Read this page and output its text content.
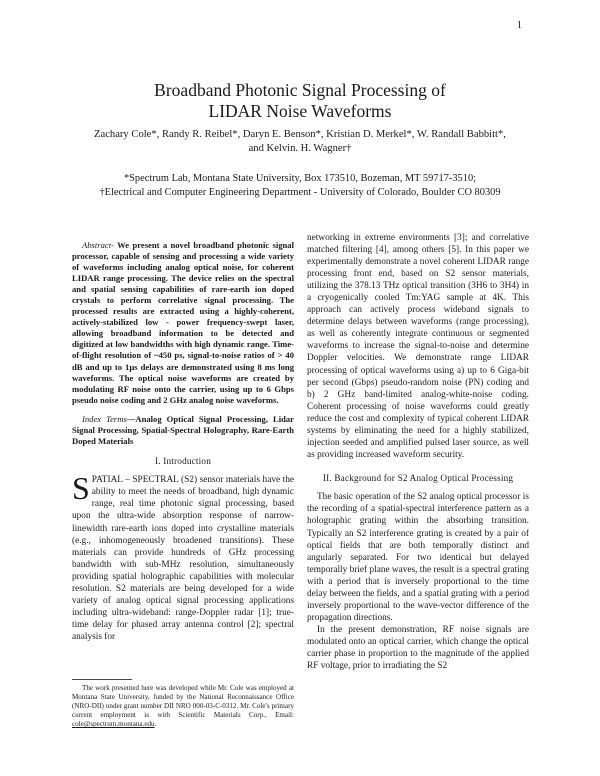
1
Broadband Photonic Signal Processing of
LIDAR Noise Waveforms
Zachary Cole*, Randy R. Reibel*, Daryn E. Benson*, Kristian D. Merkel*, W. Randall Babbitt*, and Kelvin. H. Wagner†
*Spectrum Lab, Montana State University, Box 173510, Bozeman, MT 59717-3510;
†Electrical and Computer Engineering Department - University of Colorado, Boulder CO 80309

Abstract- We present a novel broadband photonic signal processor, capable of sensing and processing a wide variety of waveforms including analog optical noise, for coherent LIDAR range processing. The device relies on the spectral and spatial sensing capabilities of rare-earth ion doped crystals to perform correlative signal processing. The processed results are extracted using a highly-coherent, actively-stabilized low - power frequency-swept laser, allowing broadband information to be detected and digitized at low bandwidths with high dynamic range. Time-of-flight resolution of ~450 ps, signal-to-noise ratios of > 40 dB and up to 1µs delays are demonstrated using 8 ms long waveforms. The optical noise waveforms are created by modulating RF noise onto the carrier, using up to 6 Gbps pseudo noise coding and 2 GHz analog noise waveforms.

Index Terms—Analog Optical Signal Processing, Lidar Signal Processing, Spatial-Spectral Holography, Rare-Earth Doped Materials

I. Introduction

SPATIAL – SPECTRAL (S2) sensor materials have the ability to meet the needs of broadband, high dynamic range, real time photonic signal processing, based upon the ultra-wide absorption response of narrow-linewidth rare-earth ions doped into crystalline materials (e.g., inhomogeneously broadened transitions). These materials can provide hundreds of GHz processing bandwidth with sub-MHz resolution, simultaneously providing spatial holographic capabilities with molecular resolution. S2 materials are being developed for a wide variety of analog optical signal processing applications including ultra-wideband: range-Doppler radar [1]; true-time delay for phased array antenna control [2]; spectral analysis for

networking in extreme environments [3]; and correlative matched filtering [4], among others [5]. In this paper we experimentally demonstrate a novel coherent LIDAR range processing front end, based on S2 sensor materials, utilizing the 378.13 THz optical transition (3H6 to 3H4) in a cryogenically cooled Tm:YAG sample at 4K. This approach can actively process wideband signals to determine delays between waveforms (range processing), as well as coherently integrate continuous or segmented waveforms to increase the signal-to-noise and determine Doppler velocities. We demonstrate range LIDAR processing of optical waveforms using a) up to 6 Giga-bit per second (Gbps) pseudo-random noise (PN) coding and b) 2 GHz band-limited analog-white-noise coding. Coherent processing of noise waveforms could greatly reduce the cost and complexity of typical coherent LIDAR systems by eliminating the need for a highly stabilized, injection seeded and amplified pulsed laser source, as well as providing increased waveform security.

II. Background for S2 Analog Optical Processing

The basic operation of the S2 analog optical processor is the recording of a spatial-spectral interference pattern as a holographic grating within the absorbing transition. Typically an S2 interference grating is created by a pair of optical fields that are both temporally distinct and angularly separated. For two identical but delayed temporally brief plane waves, the result is a spectral grating with a period that is inversely proportional to the time delay between the fields, and a spatial grating with a period inversely proportional to the wave-vector difference of the propagation directions.

In the present demonstration, RF noise signals are modulated onto an optical carrier, which change the optical carrier phase in proportion to the magnitude of the applied RF voltage, prior to irradiating the S2

The work presented here was developed while Mr. Cole was employed at Montana State University, funded by the National Reconnaissance Office (NRO-DII) under grant number DII NRO 000-03-C-0312. Mr. Cole's primary current employment is with Scientific Materials Corp., Email: cole@spectrum.montana.edu.
